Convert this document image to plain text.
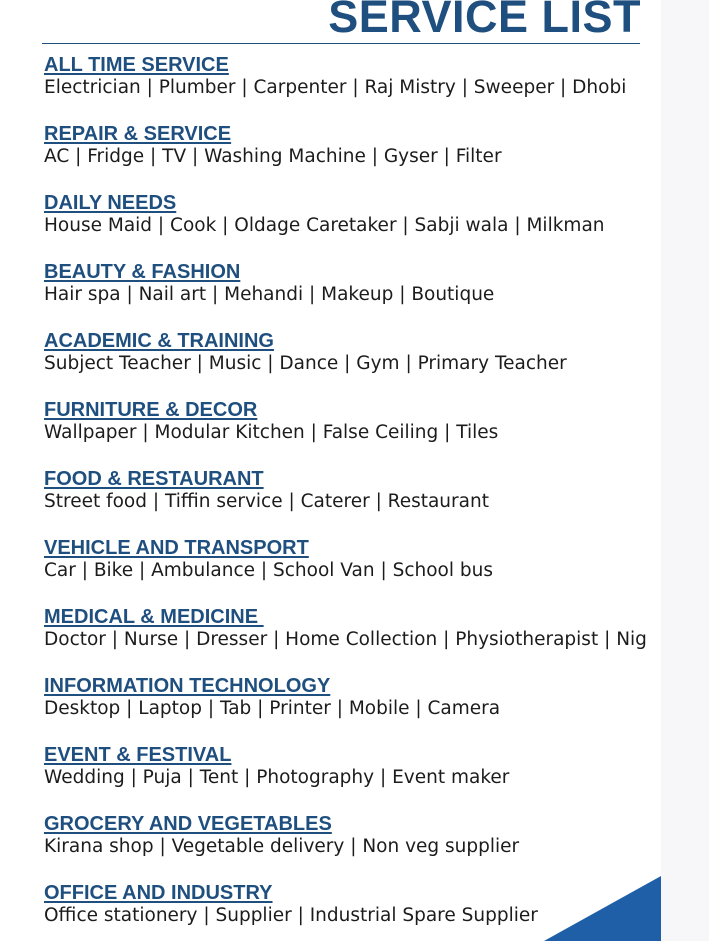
SERVICE LIST
ALL TIME SERVICE
Electrician | Plumber | Carpenter | Raj Mistry | Sweeper | Dhobi
REPAIR & SERVICE
AC | Fridge | TV | Washing Machine | Gyser | Filter
DAILY NEEDS
House Maid | Cook | Oldage Caretaker | Sabji wala | Milkman
BEAUTY & FASHION
Hair spa | Nail art | Mehandi | Makeup | Boutique
ACADEMIC & TRAINING
Subject Teacher | Music | Dance | Gym | Primary Teacher
FURNITURE & DECOR
Wallpaper | Modular Kitchen | False Ceiling | Tiles
FOOD & RESTAURANT
Street food | Tiffin service | Caterer | Restaurant
VEHICLE AND TRANSPORT
Car | Bike | Ambulance | School Van | School bus
MEDICAL & MEDICINE
Doctor | Nurse | Dresser | Home Collection | Physiotherapist | Nig
INFORMATION TECHNOLOGY
Desktop | Laptop | Tab | Printer | Mobile | Camera
EVENT & FESTIVAL
Wedding | Puja | Tent | Photography | Event maker
GROCERY AND VEGETABLES
Kirana shop | Vegetable delivery | Non veg supplier
OFFICE AND INDUSTRY
Office stationery | Supplier | Industrial Spare Supplier
